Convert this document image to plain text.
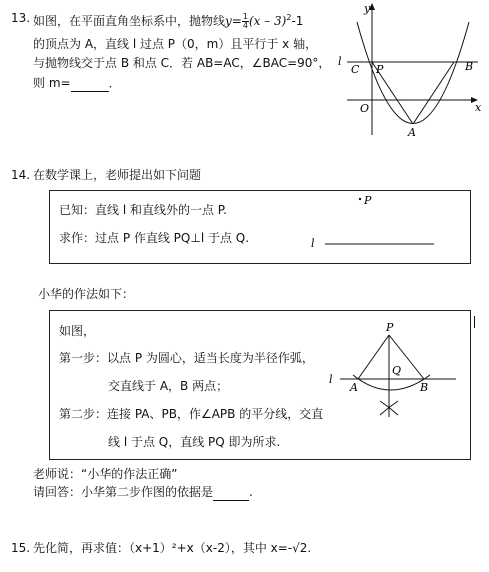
13. 如图，在平面直角坐标系中，抛物线$y= \frac{1}{4} (x - 3)^2-1$
的顶点为 A，直线 l 过点 P（0，m）且平行于 x 轴，
与抛物线交于点 B 和点 C．若 AB=AC，∠BAC=90°，
则 m=	．
y
x
l
C P	B
O
A
14. 在数学课上，老师提出如下问题
已知：直线 l 和直线外的一点 P.
求作：过点 P 作直线 PQ⊥l 于点 Q.
P
l
小华的作法如下：
如图，
第一步：以点 P 为圆心，适当长度为半径作弧，
交直线于 A，B 两点；
第二步：连接 PA、PB，作∠APB 的平分线，交直
线 l 于点 Q，直线 PQ 即为所求.
l
P
Q
A	B
老师说：“小华的作法正确”
请回答：小华第二步作图的依据是	.
15. 先化简，再求值：（x+1）²+x（x-2），其中 x=-√2.
